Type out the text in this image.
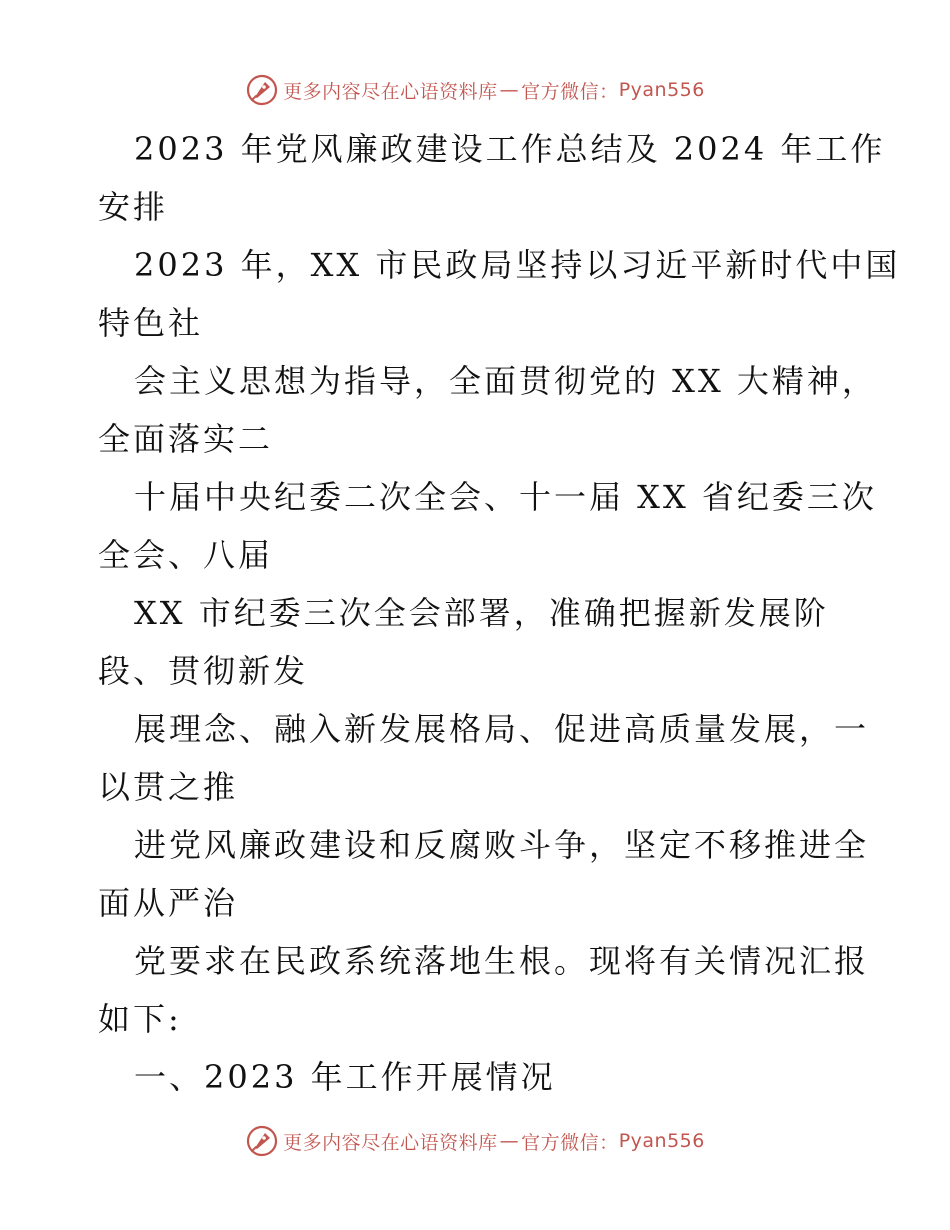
更多内容尽在心语资料库 — 官方微信： Pyan556
2023 年党风廉政建设工作总结及 2024 年工作
安排
2023 年，XX 市民政局坚持以习近平新时代中国
特色社
会主义思想为指导，全面贯彻党的 XX 大精神，
全面落实二
十届中央纪委二次全会、十一届 XX 省纪委三次
全会、八届
XX 市纪委三次全会部署，准确把握新发展阶
段、贯彻新发
展理念、融入新发展格局、促进高质量发展，一
以贯之推
进党风廉政建设和反腐败斗争，坚定不移推进全
面从严治
党要求在民政系统落地生根。现将有关情况汇报
如下:
一、2023 年工作开展情况
更多内容尽在心语资料库 — 官方微信： Pyan556
